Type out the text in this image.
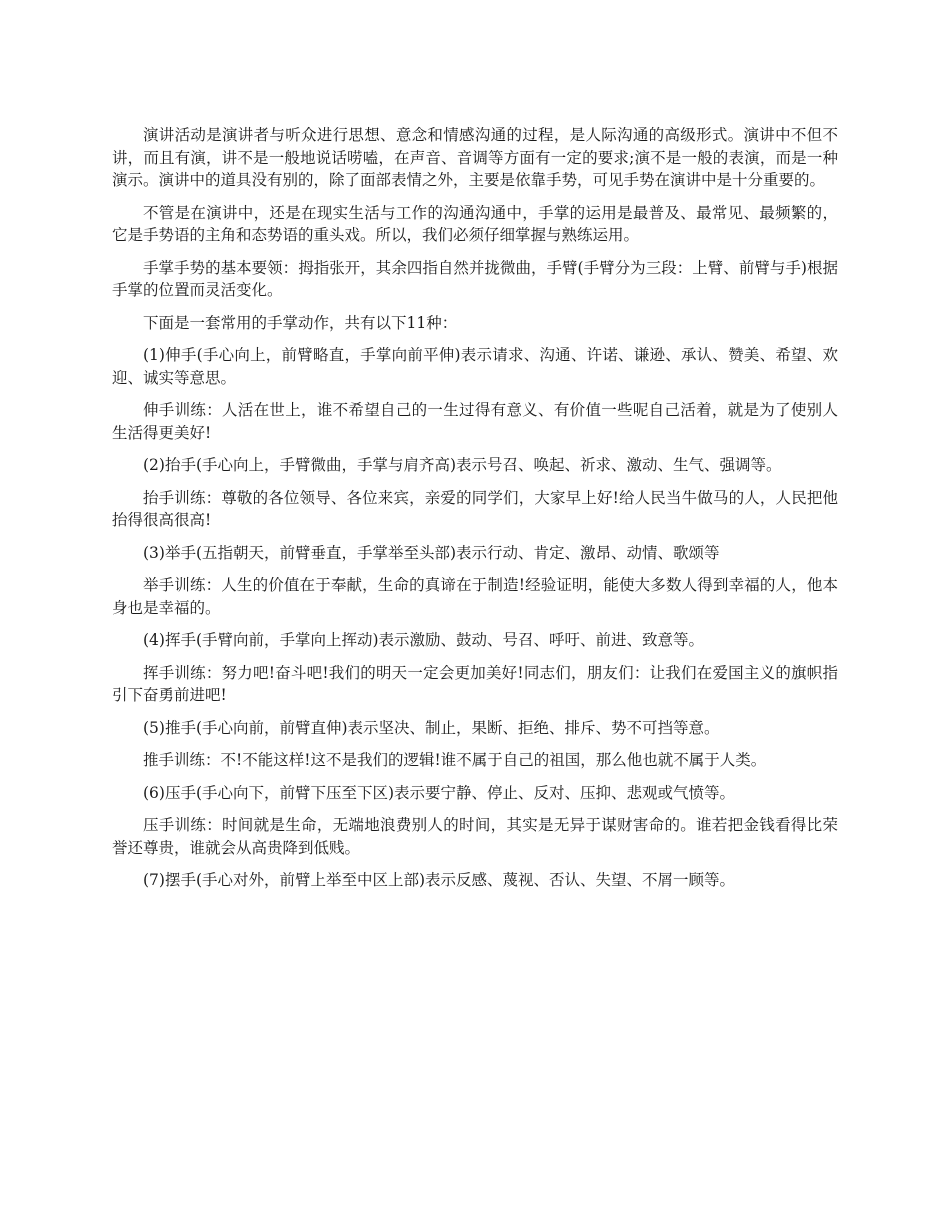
演讲活动是演讲者与听众进行思想、意念和情感沟通的过程，是人际沟通的高级形式。演讲中不但不讲，而且有演，讲不是一般地说话唠嗑，在声音、音调等方面有一定的要求;演不是一般的表演，而是一种演示。演讲中的道具没有别的，除了面部表情之外，主要是依靠手势，可见手势在演讲中是十分重要的。

不管是在演讲中，还是在现实生活与工作的沟通沟通中，手掌的运用是最普及、最常见、最频繁的，它是手势语的主角和态势语的重头戏。所以，我们必须仔细掌握与熟练运用。

手掌手势的基本要领：拇指张开，其余四指自然并拢微曲，手臂(手臂分为三段：上臂、前臂与手)根据手掌的位置而灵活变化。

下面是一套常用的手掌动作，共有以下11种：

(1)伸手(手心向上，前臂略直，手掌向前平伸)表示请求、沟通、许诺、谦逊、承认、赞美、希望、欢迎、诚实等意思。

伸手训练：人活在世上，谁不希望自己的一生过得有意义、有价值一些呢自己活着，就是为了使别人生活得更美好!

(2)抬手(手心向上，手臂微曲，手掌与肩齐高)表示号召、唤起、祈求、激动、生气、强调等。

抬手训练：尊敬的各位领导、各位来宾，亲爱的同学们，大家早上好!给人民当牛做马的人，人民把他抬得很高很高!

(3)举手(五指朝天，前臂垂直，手掌举至头部)表示行动、肯定、激昂、动情、歌颂等

举手训练：人生的价值在于奉献，生命的真谛在于制造!经验证明，能使大多数人得到幸福的人，他本身也是幸福的。

(4)挥手(手臂向前，手掌向上挥动)表示激励、鼓动、号召、呼吁、前进、致意等。

挥手训练：努力吧!奋斗吧!我们的明天一定会更加美好!同志们，朋友们：让我们在爱国主义的旗帜指引下奋勇前进吧!

(5)推手(手心向前，前臂直伸)表示坚决、制止，果断、拒绝、排斥、势不可挡等意。

推手训练：不!不能这样!这不是我们的逻辑!谁不属于自己的祖国，那么他也就不属于人类。

(6)压手(手心向下，前臂下压至下区)表示要宁静、停止、反对、压抑、悲观或气愤等。

压手训练：时间就是生命，无端地浪费别人的时间，其实是无异于谋财害命的。谁若把金钱看得比荣誉还尊贵，谁就会从高贵降到低贱。

(7)摆手(手心对外，前臂上举至中区上部)表示反感、蔑视、否认、失望、不屑一顾等。
